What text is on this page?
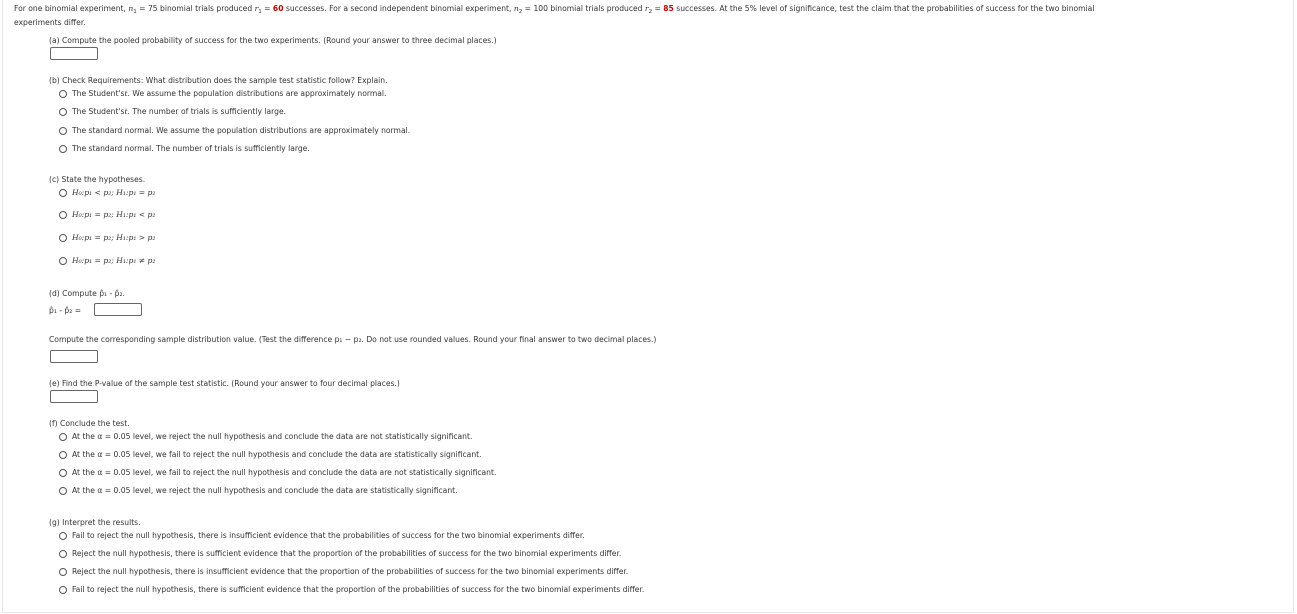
For one binomial experiment, $n_1 = 75$ binomial trials produced $r_1 = 60$ successes. For a second independent binomial experiment, $n_2 = 100$ binomial trials produced $r_2 = 85$ successes. At the 5% level of significance, test the claim that the probabilities of success for the two binomial
experiments differ.
(a) Compute the pooled probability of success for the two experiments. (Round your answer to three decimal places.)
(b) Check Requirements: What distribution does the sample test statistic follow? Explain.
The Student's t . We assume the population distributions are approximately normal.
The Student's t . The number of trials is sufficiently large.
The standard normal. We assume the population distributions are approximately normal.
The standard normal. The number of trials is sufficiently large.
(c) State the hypotheses.
H₀: p₁ < p₂ ; H₁: p₁ = p₂
H₀: p₁ = p₂ ; H₁: p₁ < p₂
H₀: p₁ = p₂ ; H₁: p₁ > p₂
H₀: p₁ = p₂ ; H₁: p₁ ≠ p₂
(d) Compute p̂₁ - p̂₂.
p̂₁ - p̂₂ =
Compute the corresponding sample distribution value. (Test the difference p₁ − p₂. Do not use rounded values. Round your final answer to two decimal places.)
(e) Find the P-value of the sample test statistic. (Round your answer to four decimal places.)
(f) Conclude the test.
At the α = 0.05 level, we reject the null hypothesis and conclude the data are not statistically significant.
At the α = 0.05 level, we fail to reject the null hypothesis and conclude the data are statistically significant.
At the α = 0.05 level, we fail to reject the null hypothesis and conclude the data are not statistically significant.
At the α = 0.05 level, we reject the null hypothesis and conclude the data are statistically significant.
(g) Interpret the results.
Fail to reject the null hypothesis, there is insufficient evidence that the probabilities of success for the two binomial experiments differ.
Reject the null hypothesis, there is sufficient evidence that the proportion of the probabilities of success for the two binomial experiments differ.
Reject the null hypothesis, there is insufficient evidence that the proportion of the probabilities of success for the two binomial experiments differ.
Fail to reject the null hypothesis, there is sufficient evidence that the proportion of the probabilities of success for the two binomial experiments differ.
